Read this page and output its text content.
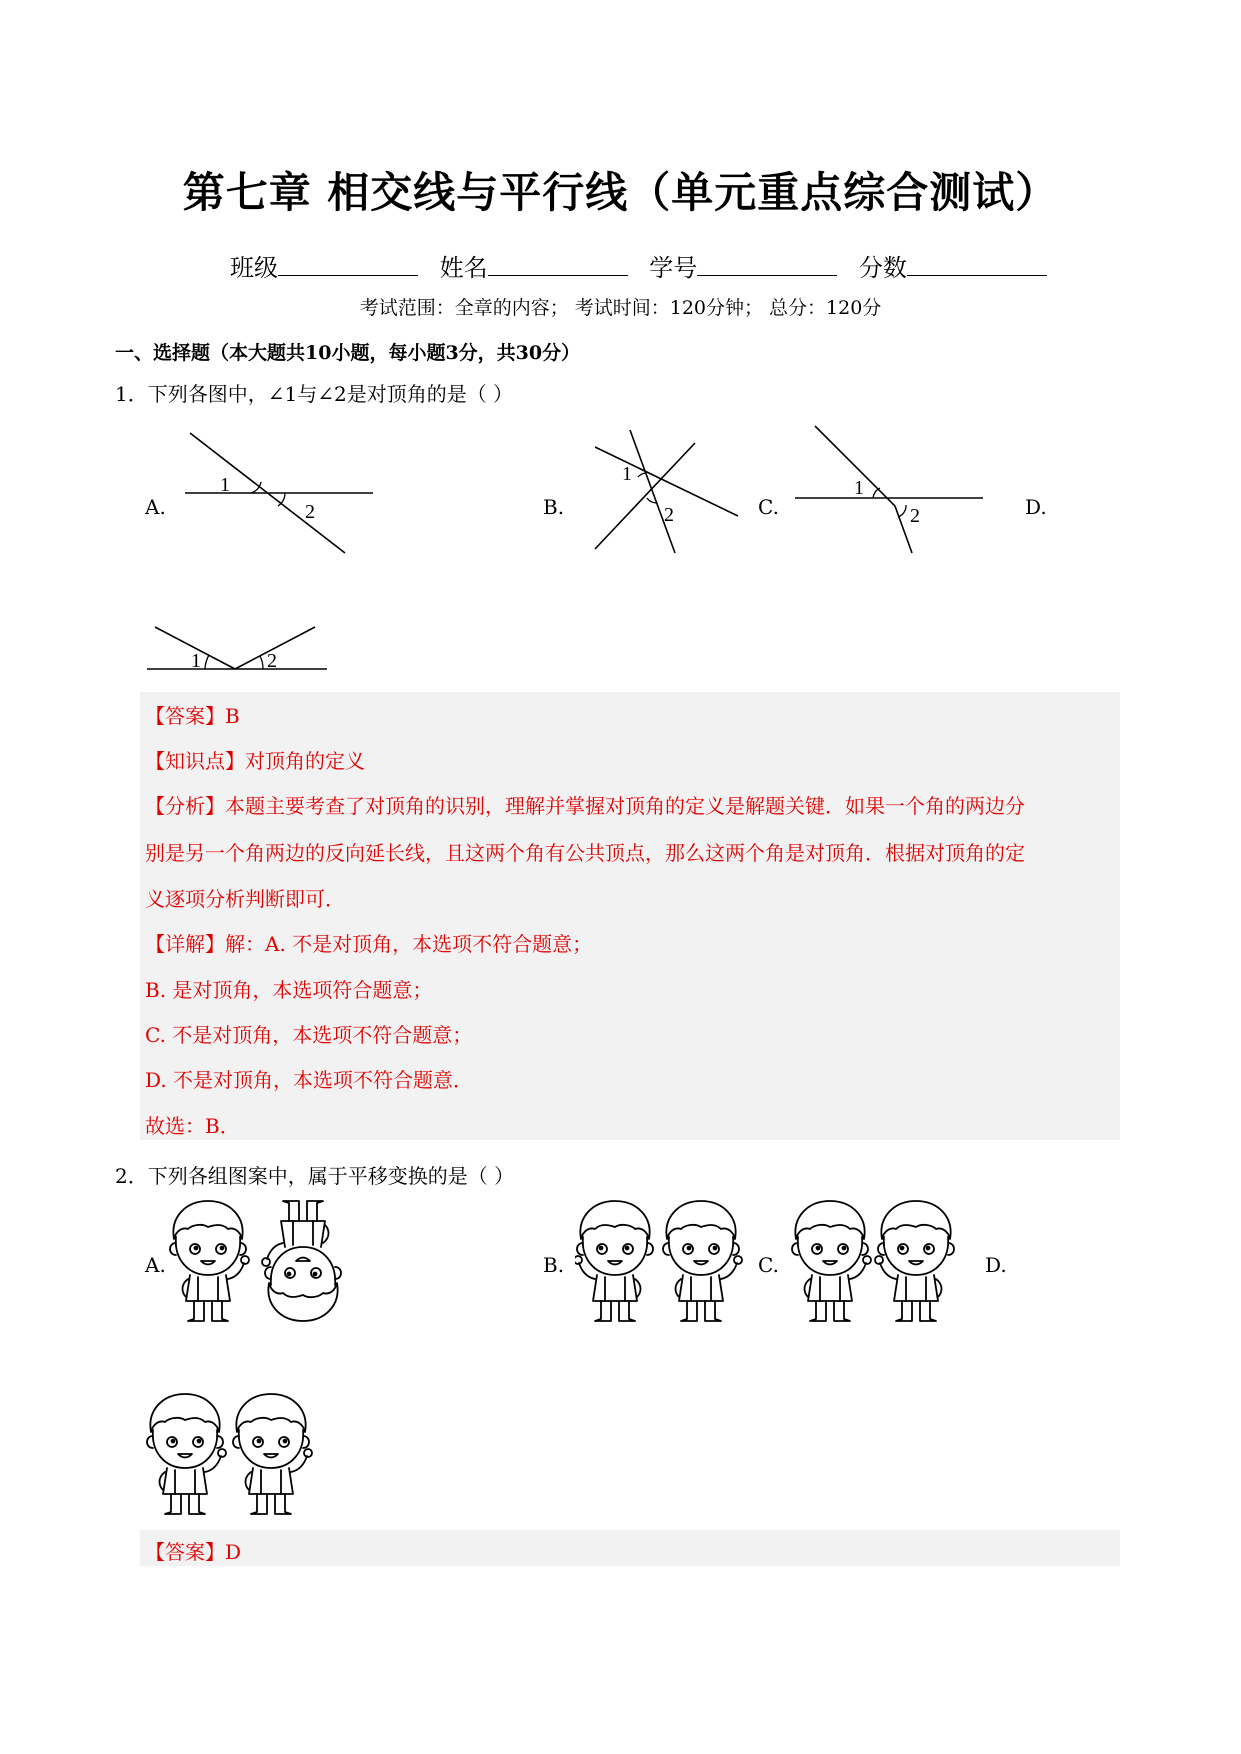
第七章 相交线与平行线（单元重点综合测试）
班级	姓名	学号	分数
考试范围：全章的内容； 考试时间：120分钟； 总分：120分
一、选择题（本大题共10小题，每小题3分，共30分）
1．下列各图中，∠1与∠2是对顶角的是（ ）
A.	B.	C.	D.
1
2
1
2
1
2
1	2
【答案】B
【知识点】对顶角的定义
【分析】本题主要考查了对顶角的识别，理解并掌握对顶角的定义是解题关键．如果一个角的两边分
别是另一个角两边的反向延长线，且这两个角有公共顶点，那么这两个角是对顶角．根据对顶角的定
义逐项分析判断即可．
【详解】解：A. 不是对顶角，本选项不符合题意；
B. 是对顶角，本选项符合题意；
C. 不是对顶角，本选项不符合题意；
D. 不是对顶角，本选项不符合题意．
故选：B．
2．下列各组图案中，属于平移变换的是（ ）
A.	B.	C.	D.
【答案】D
